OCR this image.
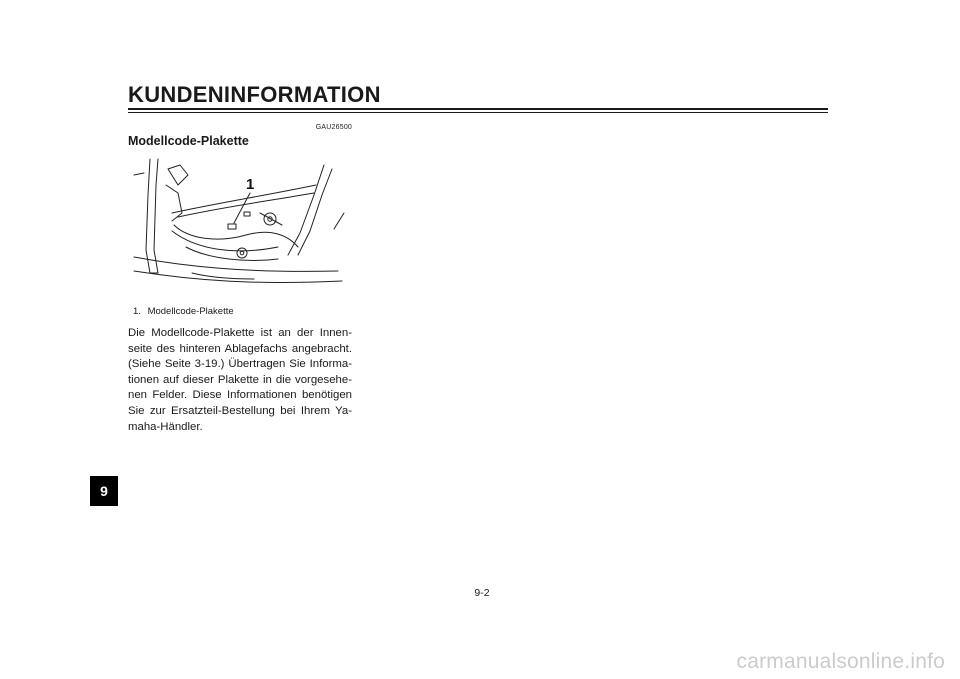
KUNDENINFORMATION
GAU26500
Modellcode-Plakette
1
1. Modellcode-Plakette

Die Modellcode-Plakette ist an der Innen-seite des hinteren Ablagefachs angebracht. (Siehe Seite 3-19.) Übertragen Sie Informa-tionen auf dieser Plakette in die vorgesehe-nen Felder. Diese Informationen benötigen Sie zur Ersatzteil-Bestellung bei Ihrem Ya-maha-Händler.

9
9-2
carmanualsonline.info
